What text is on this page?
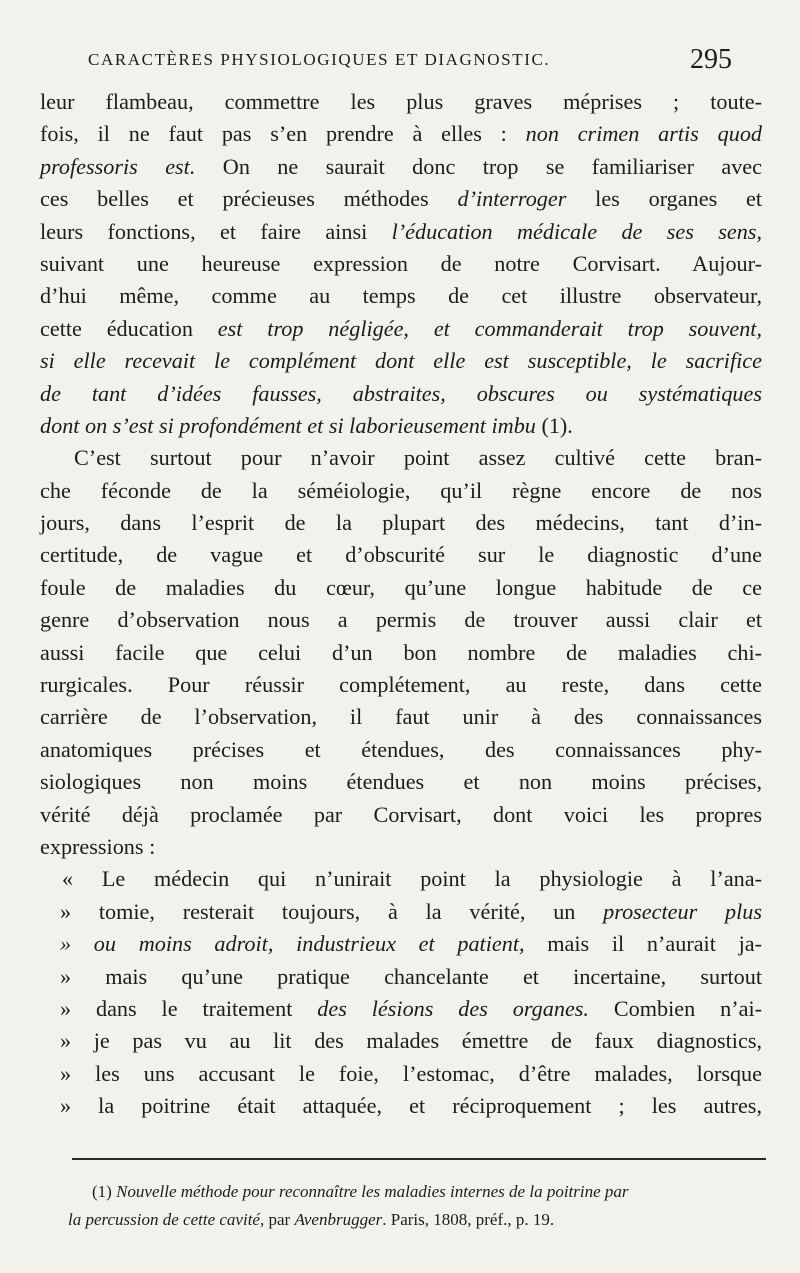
CARACTÈRES PHYSIOLOGIQUES ET DIAGNOSTIC.	295
leur flambeau, commettre les plus graves méprises ; toute-
fois, il ne faut pas s’en prendre à elles : non crimen artis quod
professoris est. On ne saurait donc trop se familiariser avec
ces belles et précieuses méthodes d’interroger les organes et
leurs fonctions, et faire ainsi l’éducation médicale de ses sens,
suivant une heureuse expression de notre Corvisart. Aujour-
d’hui même, comme au temps de cet illustre observateur,
cette éducation est trop négligée, et commanderait trop souvent,
si elle recevait le complément dont elle est susceptible, le sacrifice
de tant d’idées fausses, abstraites, obscures ou systématiques
dont on s’est si profondément et si laborieusement imbu (1).
C’est surtout pour n’avoir point assez cultivé cette bran-
che féconde de la séméiologie, qu’il règne encore de nos
jours, dans l’esprit de la plupart des médecins, tant d’in-
certitude, de vague et d’obscurité sur le diagnostic d’une
foule de maladies du cœur, qu’une longue habitude de ce
genre d’observation nous a permis de trouver aussi clair et
aussi facile que celui d’un bon nombre de maladies chi-
rurgicales. Pour réussir complétement, au reste, dans cette
carrière de l’observation, il faut unir à des connaissances
anatomiques précises et étendues, des connaissances phy-
siologiques non moins étendues et non moins précises,
vérité déjà proclamée par Corvisart, dont voici les propres
expressions :
« Le médecin qui n’unirait point la physiologie à l’ana-
» tomie, resterait toujours, à la vérité, un prosecteur plus
» ou moins adroit, industrieux et patient, mais il n’aurait ja-
» mais qu’une pratique chancelante et incertaine, surtout
» dans le traitement des lésions des organes. Combien n’ai-
» je pas vu au lit des malades émettre de faux diagnostics,
» les uns accusant le foie, l’estomac, d’être malades, lorsque
» la poitrine était attaquée, et réciproquement ; les autres,
(1) Nouvelle méthode pour reconnaître les maladies internes de la poitrine par
la percussion de cette cavité, par Avenbrugger. Paris, 1808, préf., p. 19.
